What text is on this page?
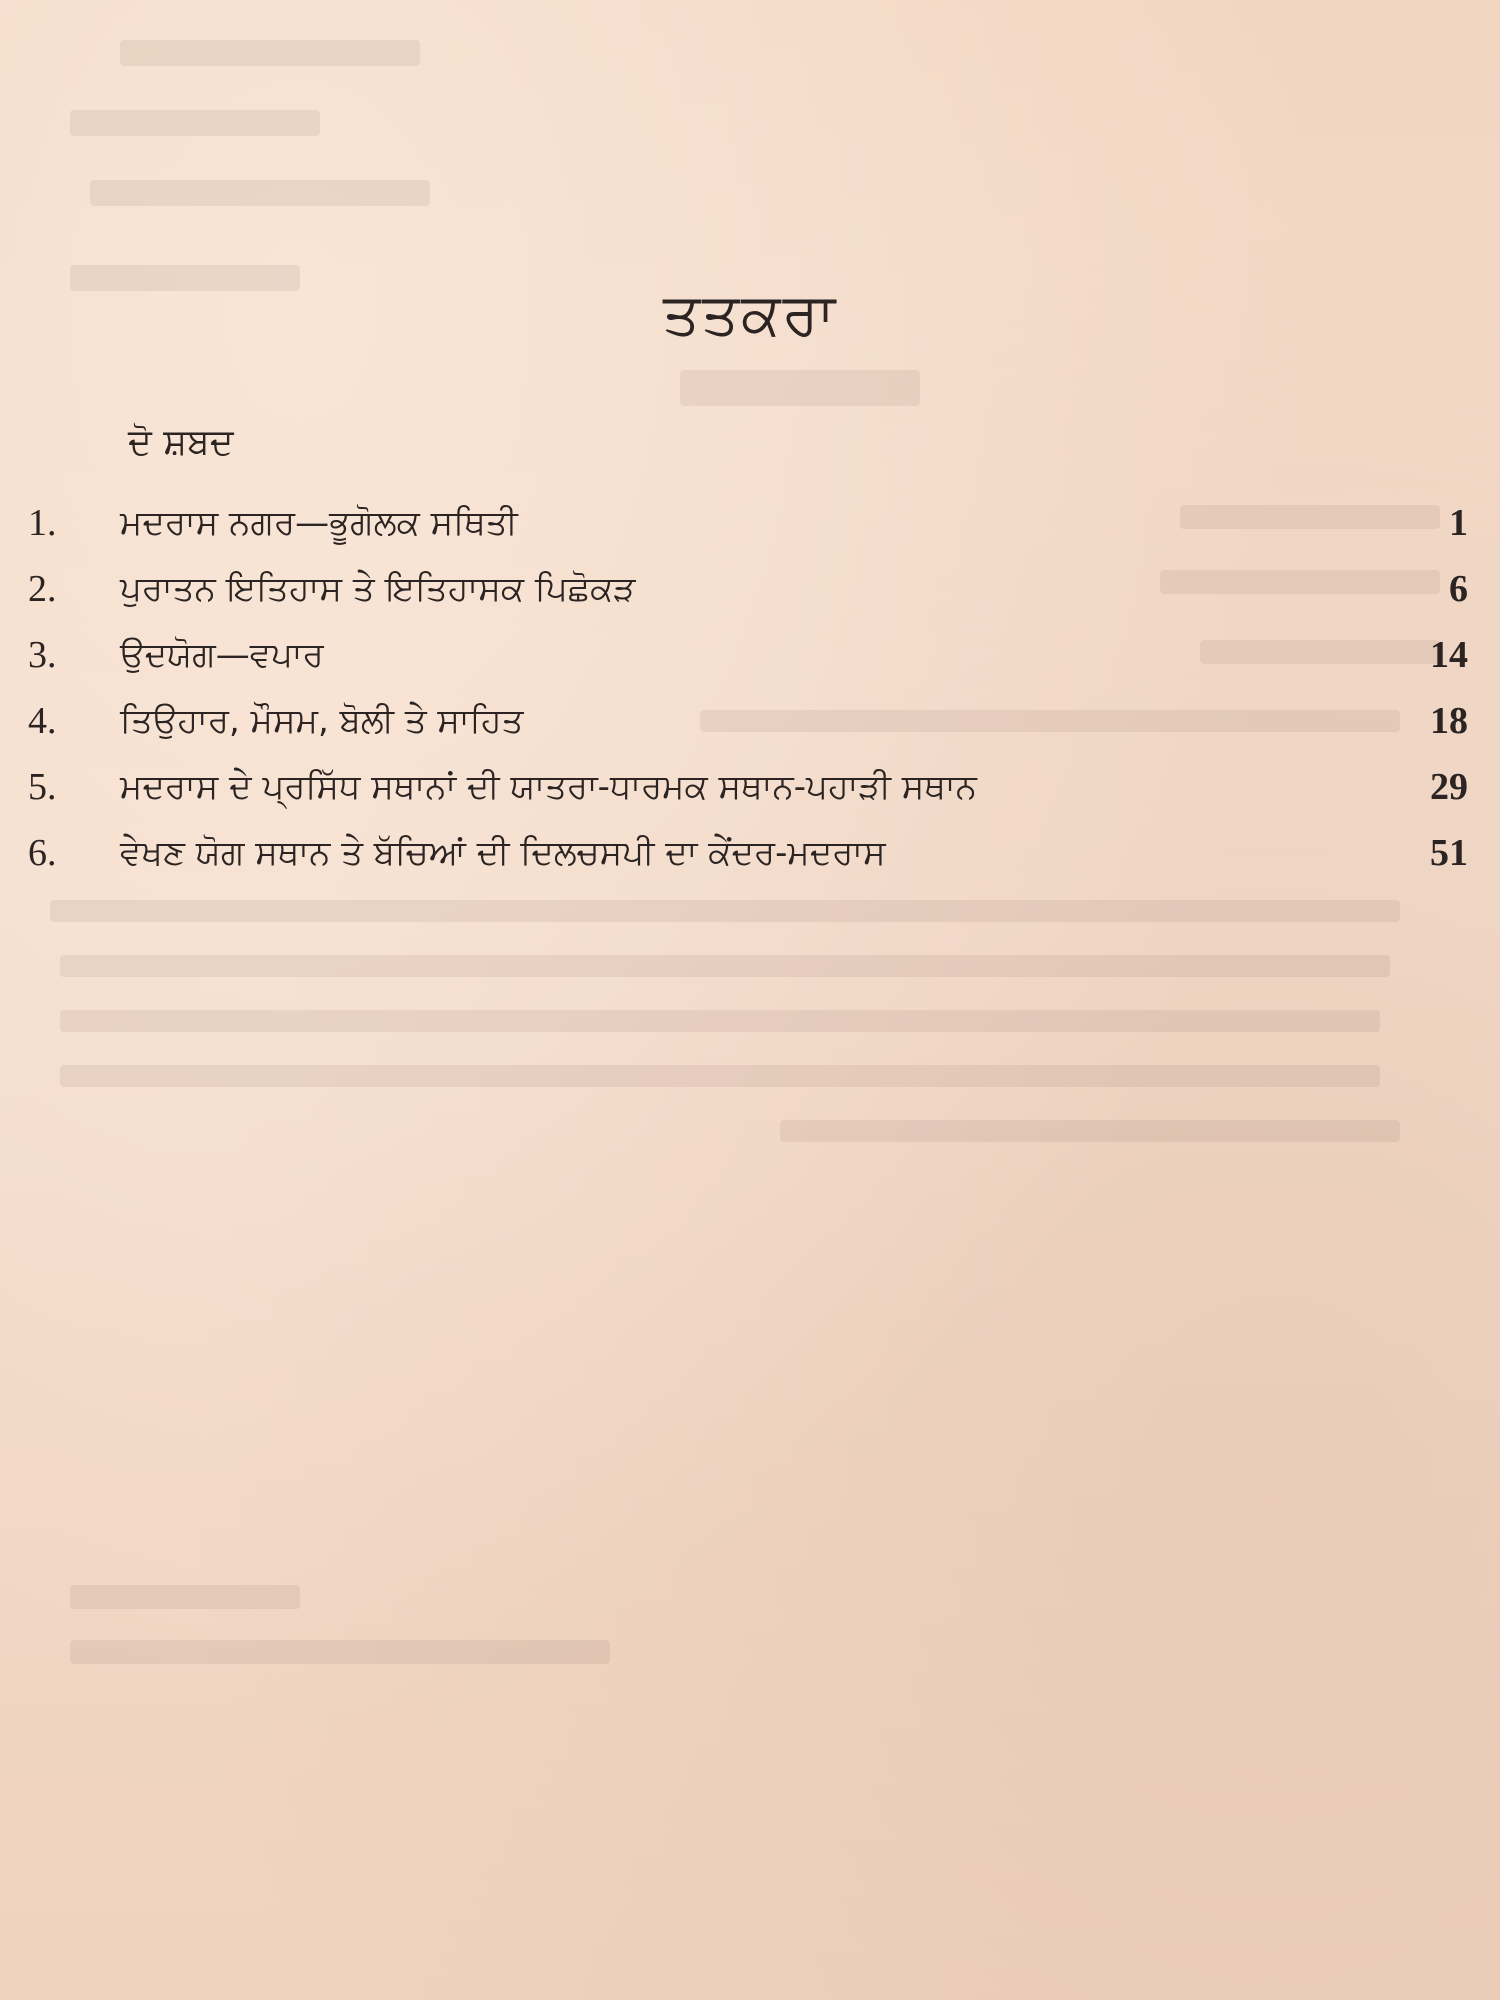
ਤਤਕਰਾ
ਦੋ ਸ਼ਬਦ
1.	ਮਦਰਾਸ ਨਗਰ—ਭੂਗੋਲਕ ਸਥਿਤੀ	1
2.	ਪੁਰਾਤਨ ਇਤਿਹਾਸ ਤੇ ਇਤਿਹਾਸਕ ਪਿਛੋਕੜ	6
3.	ਉਦਯੋਗ—ਵਪਾਰ	14
4.	ਤਿਉਹਾਰ, ਮੌਸਮ, ਬੋਲੀ ਤੇ ਸਾਹਿਤ	18
5.	ਮਦਰਾਸ ਦੇ ਪ੍ਰਸਿੱਧ ਸਥਾਨਾਂ ਦੀ ਯਾਤਰਾ-ਧਾਰਮਕ ਸਥਾਨ-ਪਹਾੜੀ ਸਥਾਨ	29
6.	ਵੇਖਣ ਯੋਗ ਸਥਾਨ ਤੇ ਬੱਚਿਆਂ ਦੀ ਦਿਲਚਸਪੀ ਦਾ ਕੇਂਦਰ-ਮਦਰਾਸ	51
